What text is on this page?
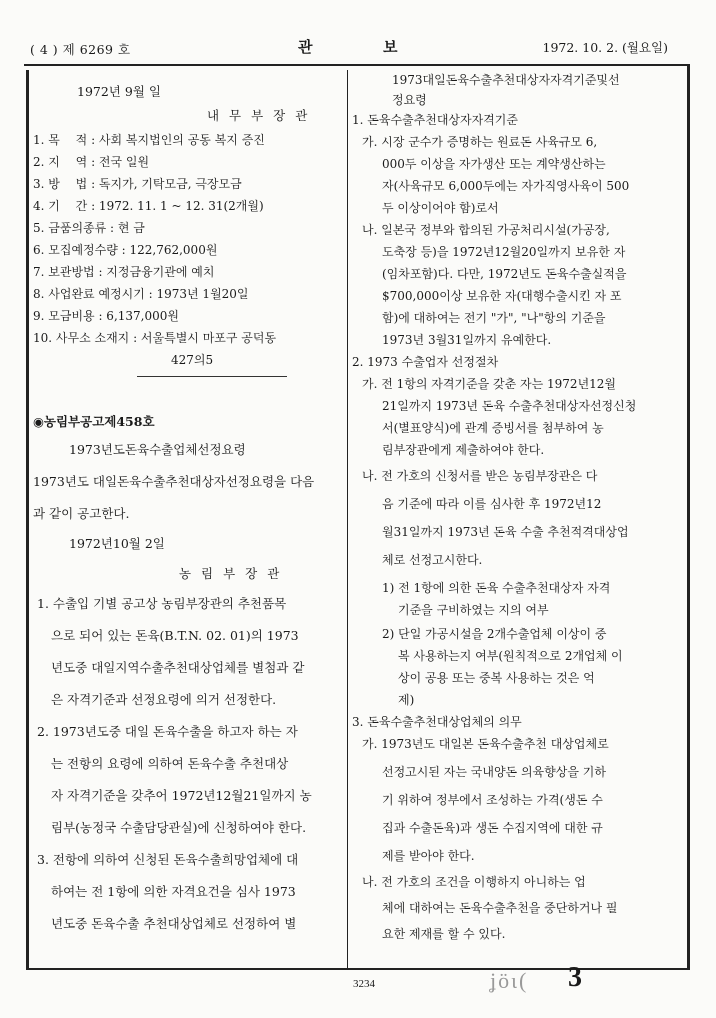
( 4 ) 제 6269 호	관	보	1972. 10. 2. (월요일)
1972년 9월 일
내 무 부 장 관
1. 목　 적 : 사회 복지법인의 공동 복지 증진
2. 지　 역 : 전국 일원
3. 방　 법 : 독지가, 기탁모금, 극장모금
4. 기　 간 : 1972. 11. 1 ~ 12. 31(2개월)
5. 금품의종류 : 현 금
6. 모집예정수량 : 122,762,000원
7. 보관방법 : 지정금융기관에 예치
8. 사업완료 예정시기 : 1973년 1월20일
9. 모금비용 : 6,137,000원
10. 사무소 소재지 : 서울특별시 마포구 공덕동
427의5
◉농림부공고제458호
1973년도돈육수출업체선정요령
1973년도 대일돈육수출추천대상자선정요령을 다음
과 같이 공고한다.
1972년10월 2일
농 림 부 장 관
1. 수출입 기별 공고상 농림부장관의 추천품목
으로 되어 있는 돈육(B.T.N. 02. 01)의 1973
년도중 대일지역수출추천대상업체를 별첨과 같
은 자격기준과 선정요령에 의거 선정한다.
2. 1973년도중 대일 돈육수출을 하고자 하는 자
는 전항의 요령에 의하여 돈육수출 추천대상
자 자격기준을 갖추어 1972년12월21일까지 농
림부(농정국 수출담당관실)에 신청하여야 한다.
3. 전항에 의하여 신청된 돈육수출희망업체에 대
하여는 전 1항에 의한 자격요건을 심사 1973
년도중 돈육수출 추천대상업체로 선정하여 별
1973대일돈육수출추천대상자자격기준및선
정요령
1. 돈육수출추천대상자자격기준
가. 시장 군수가 증명하는 원료돈 사육규모 6,
000두 이상을 자가생산 또는 계약생산하는
자(사육규모 6,000두에는 자가직영사육이 500
두 이상이어야 함)로서
나. 일본국 정부와 합의된 가공처리시설(가공장,
도축장 등)을 1972년12월20일까지 보유한 자
(임차포함)다. 다만, 1972년도 돈육수출실적을
$700,000이상 보유한 자(대행수출시킨 자 포
함)에 대하여는 전기 "가", "나"항의 기준을
1973년 3월31일까지 유예한다.
2. 1973 수출업자 선정절차
가. 전 1항의 자격기준을 갖춘 자는 1972년12월
21일까지 1973년 돈육 수출추천대상자선정신청
서(별표양식)에 관계 증빙서를 첨부하여 농
림부장관에게 제출하여야 한다.
나. 전 가호의 신청서를 받은 농림부장관은 다
음 기준에 따라 이를 심사한 후 1972년12
월31일까지 1973년 돈육 수출 추천적격대상업
체로 선정고시한다.
1) 전 1항에 의한 돈육 수출추천대상자 자격
기준을 구비하였는 지의 여부
2) 단일 가공시설을 2개수출업체 이상이 중
복 사용하는지 여부(원칙적으로 2개업체 이
상이 공용 또는 중복 사용하는 것은 억
제)
3. 돈육수출추천대상업체의 의무
가. 1973년도 대일본 돈육수출추천 대상업체로
선정고시된 자는 국내양돈 의육향상을 기하
기 위하여 정부에서 조성하는 가격(생돈 수
집과 수출돈육)과 생돈 수집지역에 대한 규
제를 받아야 한다.
나. 전 가호의 조건을 이행하지 아니하는 업
체에 대하여는 돈육수출추천을 중단하거나 필
요한 제재를 할 수 있다.
3234	ʝöι( 3
